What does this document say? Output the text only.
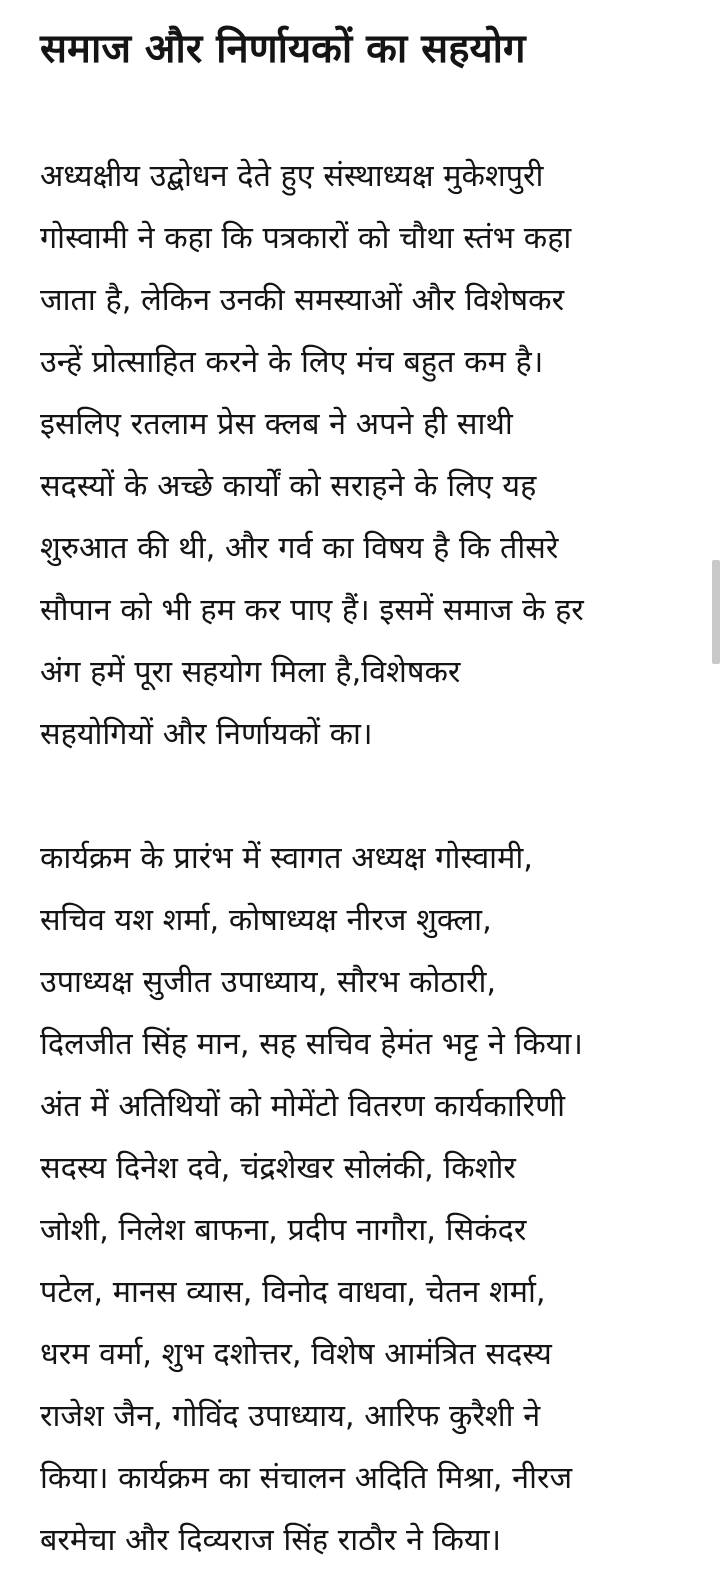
समाज और निर्णायकों का सहयोग

अध्यक्षीय उद्बोधन देते हुए संस्थाध्यक्ष मुकेशपुरी
गोस्वामी ने कहा कि पत्रकारों को चौथा स्तंभ कहा
जाता है, लेकिन उनकी समस्याओं और विशेषकर
उन्हें प्रोत्साहित करने के लिए मंच बहुत कम है।
इसलिए रतलाम प्रेस क्लब ने अपने ही साथी
सदस्यों के अच्छे कार्यों को सराहने के लिए यह
शुरुआत की थी, और गर्व का विषय है कि तीसरे
सौपान को भी हम कर पाए हैं। इसमें समाज के हर
अंग हमें पूरा सहयोग मिला है,विशेषकर
सहयोगियों और निर्णायकों का।

कार्यक्रम के प्रारंभ में स्वागत अध्यक्ष गोस्वामी,
सचिव यश शर्मा, कोषाध्यक्ष नीरज शुक्ला,
उपाध्यक्ष सुजीत उपाध्याय, सौरभ कोठारी,
दिलजीत सिंह मान, सह सचिव हेमंत भट्ट ने किया।
अंत में अतिथियों को मोमेंटो वितरण कार्यकारिणी
सदस्य दिनेश दवे, चंद्रशेखर सोलंकी, किशोर
जोशी, निलेश बाफना, प्रदीप नागौरा, सिकंदर
पटेल, मानस व्यास, विनोद वाधवा, चेतन शर्मा,
धरम वर्मा, शुभ दशोत्तर, विशेष आमंत्रित सदस्य
राजेश जैन, गोविंद उपाध्याय, आरिफ कुरैशी ने
किया। कार्यक्रम का संचालन अदिति मिश्रा, नीरज
बरमेचा और दिव्यराज सिंह राठौर ने किया।
